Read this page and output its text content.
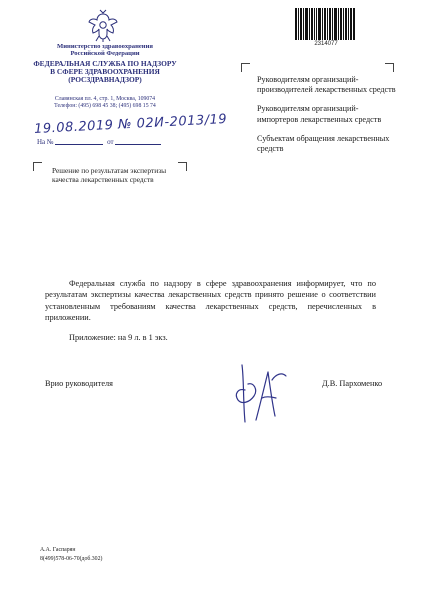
Министерство здравоохранения
Российской Федерации
ФЕДЕРАЛЬНАЯ СЛУЖБА ПО НАДЗОРУ
В СФЕРЕ ЗДРАВООХРАНЕНИЯ
(РОСЗДРАВНАДЗОР)
Славянская пл. 4, стр. 1, Москва, 109074
Телефон: (495) 698 45 38; (495) 698 15 74
19.08.2019 № 02И-2013/19
На №	от
Решение по результатам экспертизы качества лекарственных средств
2314077

Руководителям организаций-производителей лекарственных средств

Руководителям организаций-импортеров лекарственных средств

Субъектам обращения лекарственных средств

Федеральная служба по надзору в сфере здравоохранения информирует, что по результатам экспертизы качества лекарственных средств принято решение о соответствии установленным требованиям качества лекарственных средств, перечисленных в приложении.

Приложение: на 9 л. в 1 экз.
Врио руководителя	Д.В. Пархоменко
А.А. Гаспарян
8(499)578-06-70(доб.302)
